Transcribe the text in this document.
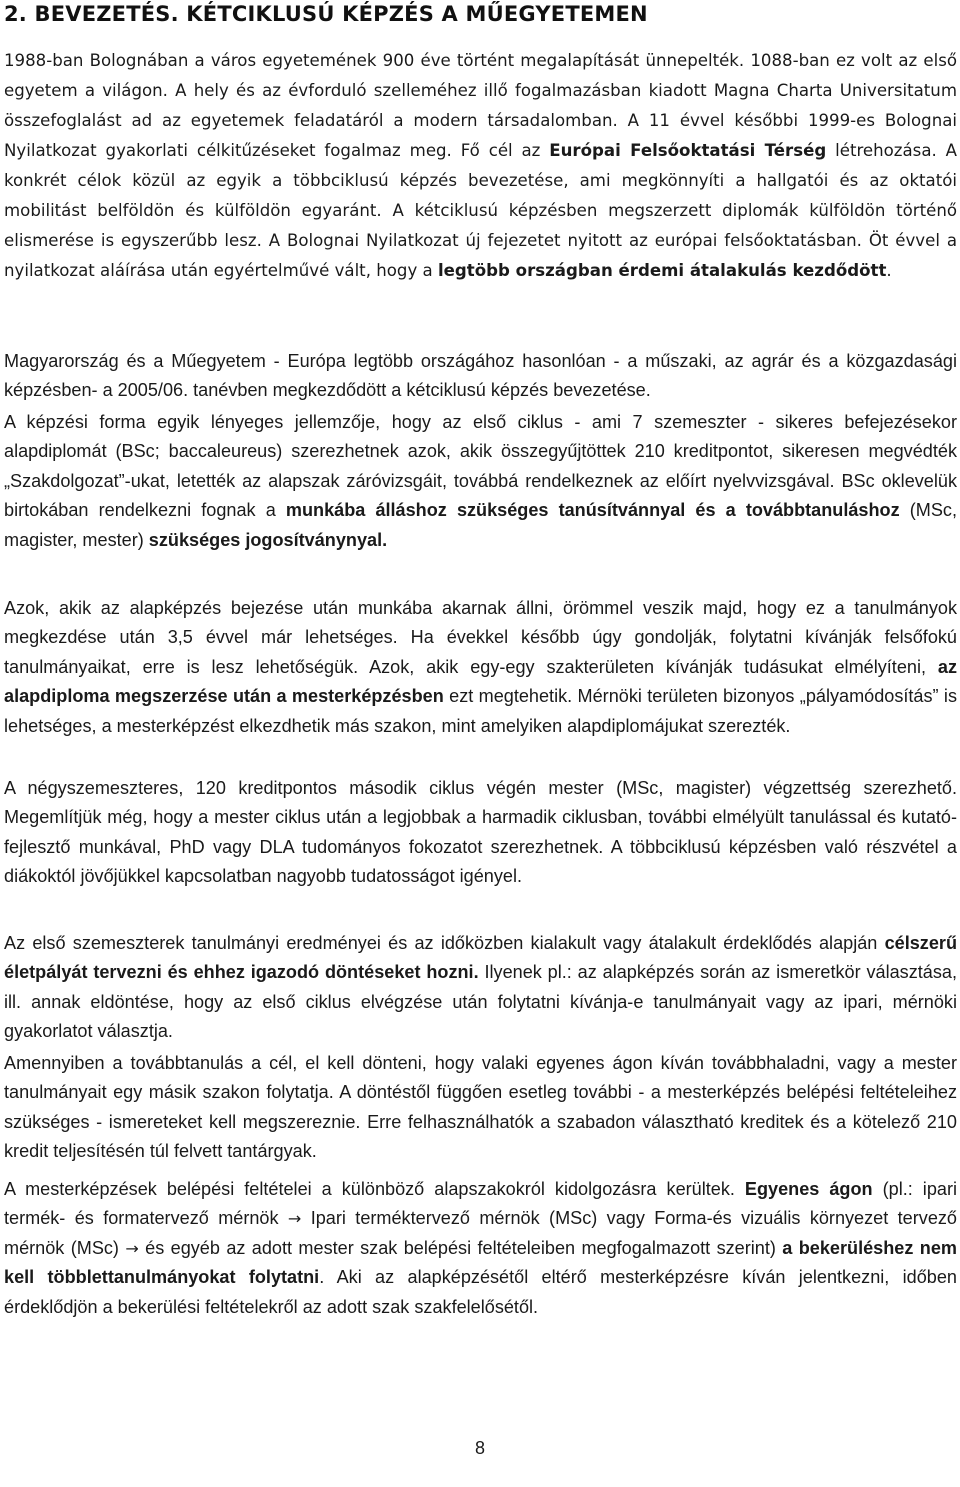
2. BEVEZETÉS. KÉTCIKLUSÚ KÉPZÉS A MŰEGYETEMEN

1988-ban Bolognában a város egyetemének 900 éve történt megalapítását ünnepelték. 1088-ban ez volt az első egyetem a világon. A hely és az évforduló szelleméhez illő fogalmazásban kiadott Magna Charta Universitatum összefoglalást ad az egyetemek feladatáról a modern társadalomban. A 11 évvel későbbi 1999-es Bolognai Nyilatkozat gyakorlati célkitűzéseket fogalmaz meg. Fő cél az Európai Felsőoktatási Térség létrehozása. A konkrét célok közül az egyik a többciklusú képzés bevezetése, ami megkönnyíti a hallgatói és az oktatói mobilitást belföldön és külföldön egyaránt. A kétciklusú képzésben megszerzett diplomák külföldön történő elismerése is egyszerűbb lesz. A Bolognai Nyilatkozat új fejezetet nyitott az európai felsőoktatásban. Öt évvel a nyilatkozat aláírása után egyértelművé vált, hogy a legtöbb országban érdemi átalakulás kezdődött.

Magyarország és a Műegyetem - Európa legtöbb országához hasonlóan - a műszaki, az agrár és a közgazdasági képzésben- a 2005/06. tanévben megkezdődött a kétciklusú képzés bevezetése.

A képzési forma egyik lényeges jellemzője, hogy az első ciklus - ami 7 szemeszter - sikeres befejezésekor alapdiplomát (BSc; baccaleureus) szerezhetnek azok, akik összegyűjtöttek 210 kreditpontot, sikeresen megvédték „Szakdolgozat”-ukat, letették az alapszak záróvizsgáit, továbbá rendelkeznek az előírt nyelvvizsgával. BSc oklevelük birtokában rendelkezni fognak a munkába álláshoz szükséges tanúsítvánnyal és a továbbtanuláshoz (MSc, magister, mester) szükséges jogosítványnyal.

Azok, akik az alapképzés bejezése után munkába akarnak állni, örömmel veszik majd, hogy ez a tanulmányok megkezdése után 3,5 évvel már lehetséges. Ha évekkel később úgy gondolják, folytatni kívánják felsőfokú tanulmányaikat, erre is lesz lehetőségük. Azok, akik egy-egy szakterületen kívánják tudásukat elmélyíteni, az alapdiploma megszerzése után a mesterképzésben ezt megtehetik. Mérnöki területen bizonyos „pályamódosítás” is lehetséges, a mesterképzést elkezdhetik más szakon, mint amelyiken alapdiplomájukat szerezték.

A négyszemeszteres, 120 kreditpontos második ciklus végén mester (MSc, magister) végzettség szerezhető. Megemlítjük még, hogy a mester ciklus után a legjobbak a harmadik ciklusban, további elmélyült tanulással és kutató-fejlesztő munkával, PhD vagy DLA tudományos fokozatot szerezhetnek. A többciklusú képzésben való részvétel a diákoktól jövőjükkel kapcsolatban nagyobb tudatosságot igényel.

Az első szemeszterek tanulmányi eredményei és az időközben kialakult vagy átalakult érdeklődés alapján célszerű életpályát tervezni és ehhez igazodó döntéseket hozni. Ilyenek pl.: az alapképzés során az ismeretkör választása, ill. annak eldöntése, hogy az első ciklus elvégzése után folytatni kívánja-e tanulmányait vagy az ipari, mérnöki gyakorlatot választja.

Amennyiben a továbbtanulás a cél, el kell dönteni, hogy valaki egyenes ágon kíván továbbhaladni, vagy a mester tanulmányait egy másik szakon folytatja. A döntéstől függően esetleg további - a mesterképzés belépési feltételeihez szükséges - ismereteket kell megszereznie. Erre felhasználhatók a szabadon választható kreditek és a kötelező 210 kredit teljesítésén túl felvett tantárgyak.

A mesterképzések belépési feltételei a különböző alapszakokról kidolgozásra kerültek. Egyenes ágon (pl.: ipari termék- és formatervező mérnök → Ipari terméktervező mérnök (MSc) vagy Forma-és vizuális környezet tervező mérnök (MSc) → és egyéb az adott mester szak belépési feltételeiben megfogalmazott szerint) a bekerüléshez nem kell többlettanulmányokat folytatni. Aki az alapképzésétől eltérő mesterképzésre kíván jelentkezni, időben érdeklődjön a bekerülési feltételekről az adott szak szakfelelősétől.

8
